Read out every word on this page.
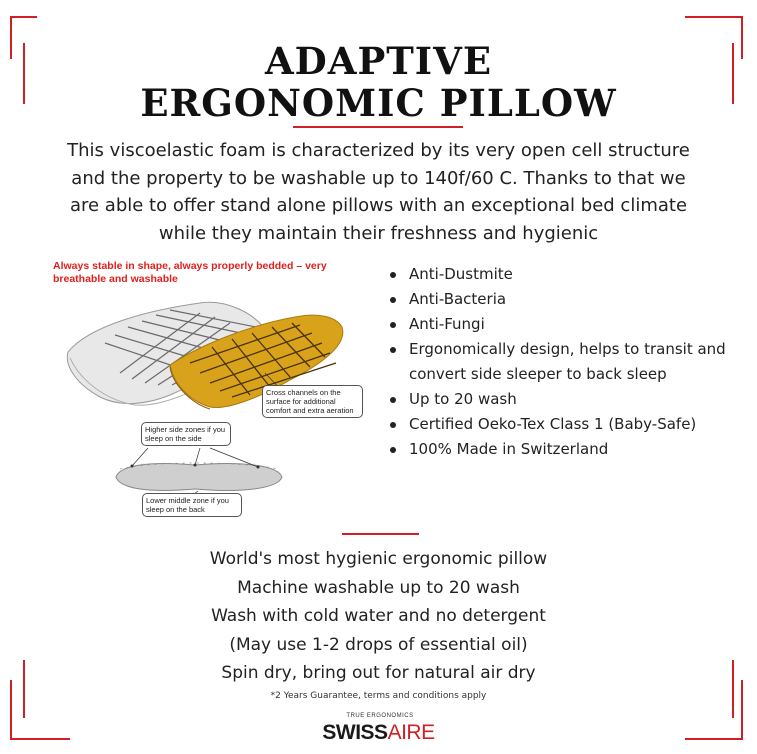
ADAPTIVE
ERGONOMIC PILLOW
This viscoelastic foam is characterized by its very open cell structure
and the property to be washable up to 140f/60 C. Thanks to that we
are able to offer stand alone pillows with an exceptional bed climate
while they maintain their freshness and hygienic
Always stable in shape, always properly bedded – very breathable and washable
Cross channels on the surface for additional comfort and extra aeration
Higher side zones if you sleep on the side
Lower middle zone if you sleep on the back
Anti-Dustmite
Anti-Bacteria
Anti-Fungi
Ergonomically design, helps to transit and convert side sleeper to back sleep
Up to 20 wash
Certified Oeko-Tex Class 1 (Baby-Safe)
100% Made in Switzerland
World's most hygienic ergonomic pillow
Machine washable up to 20 wash
Wash with cold water and no detergent
(May use 1-2 drops of essential oil)
Spin dry, bring out for natural air dry
*2 Years Guarantee, terms and conditions apply
TRUE ERGONOMICS
SWISSAIRE
